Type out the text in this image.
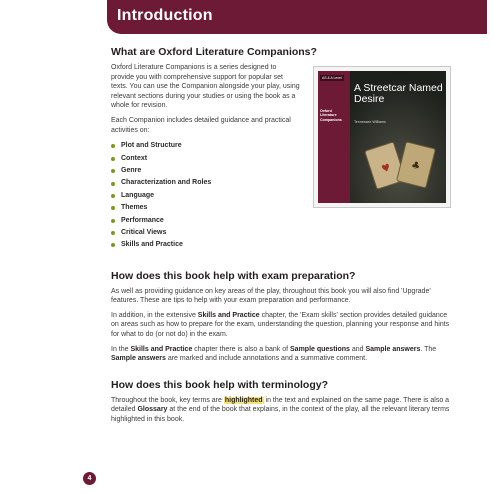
Introduction
What are Oxford Literature Companions?

Oxford Literature Companions is a series designed to provide you with comprehensive support for popular set texts. You can use the Companion alongside your play, using relevant sections during your studies or using the book as a whole for revision.

Each Companion includes detailed guidance and practical activities on:

Plot and Structure
Context
Genre
Characterization and Roles
Language
Themes
Performance
Critical Views
Skills and Practice
How does this book help with exam preparation?

As well as providing guidance on key areas of the play, throughout this book you will also find 'Upgrade' features. These are tips to help with your exam preparation and performance.

In addition, in the extensive Skills and Practice chapter, the 'Exam skills' section provides detailed guidance on areas such as how to prepare for the exam, understanding the question, planning your response and hints for what to do (or not do) in the exam.

In the Skills and Practice chapter there is also a bank of Sample questions and Sample answers. The Sample answers are marked and include annotations and a summative comment.

How does this book help with terminology?

Throughout the book, key terms are highlighted in the text and explained on the same page. There is also a detailed Glossary at the end of the book that explains, in the context of the play, all the relevant literary terms highlighted in this book.

AS & A Level
Oxford Literature Companions
♥ ♣
A Streetcar Named Desire
Tennessee Williams
4
